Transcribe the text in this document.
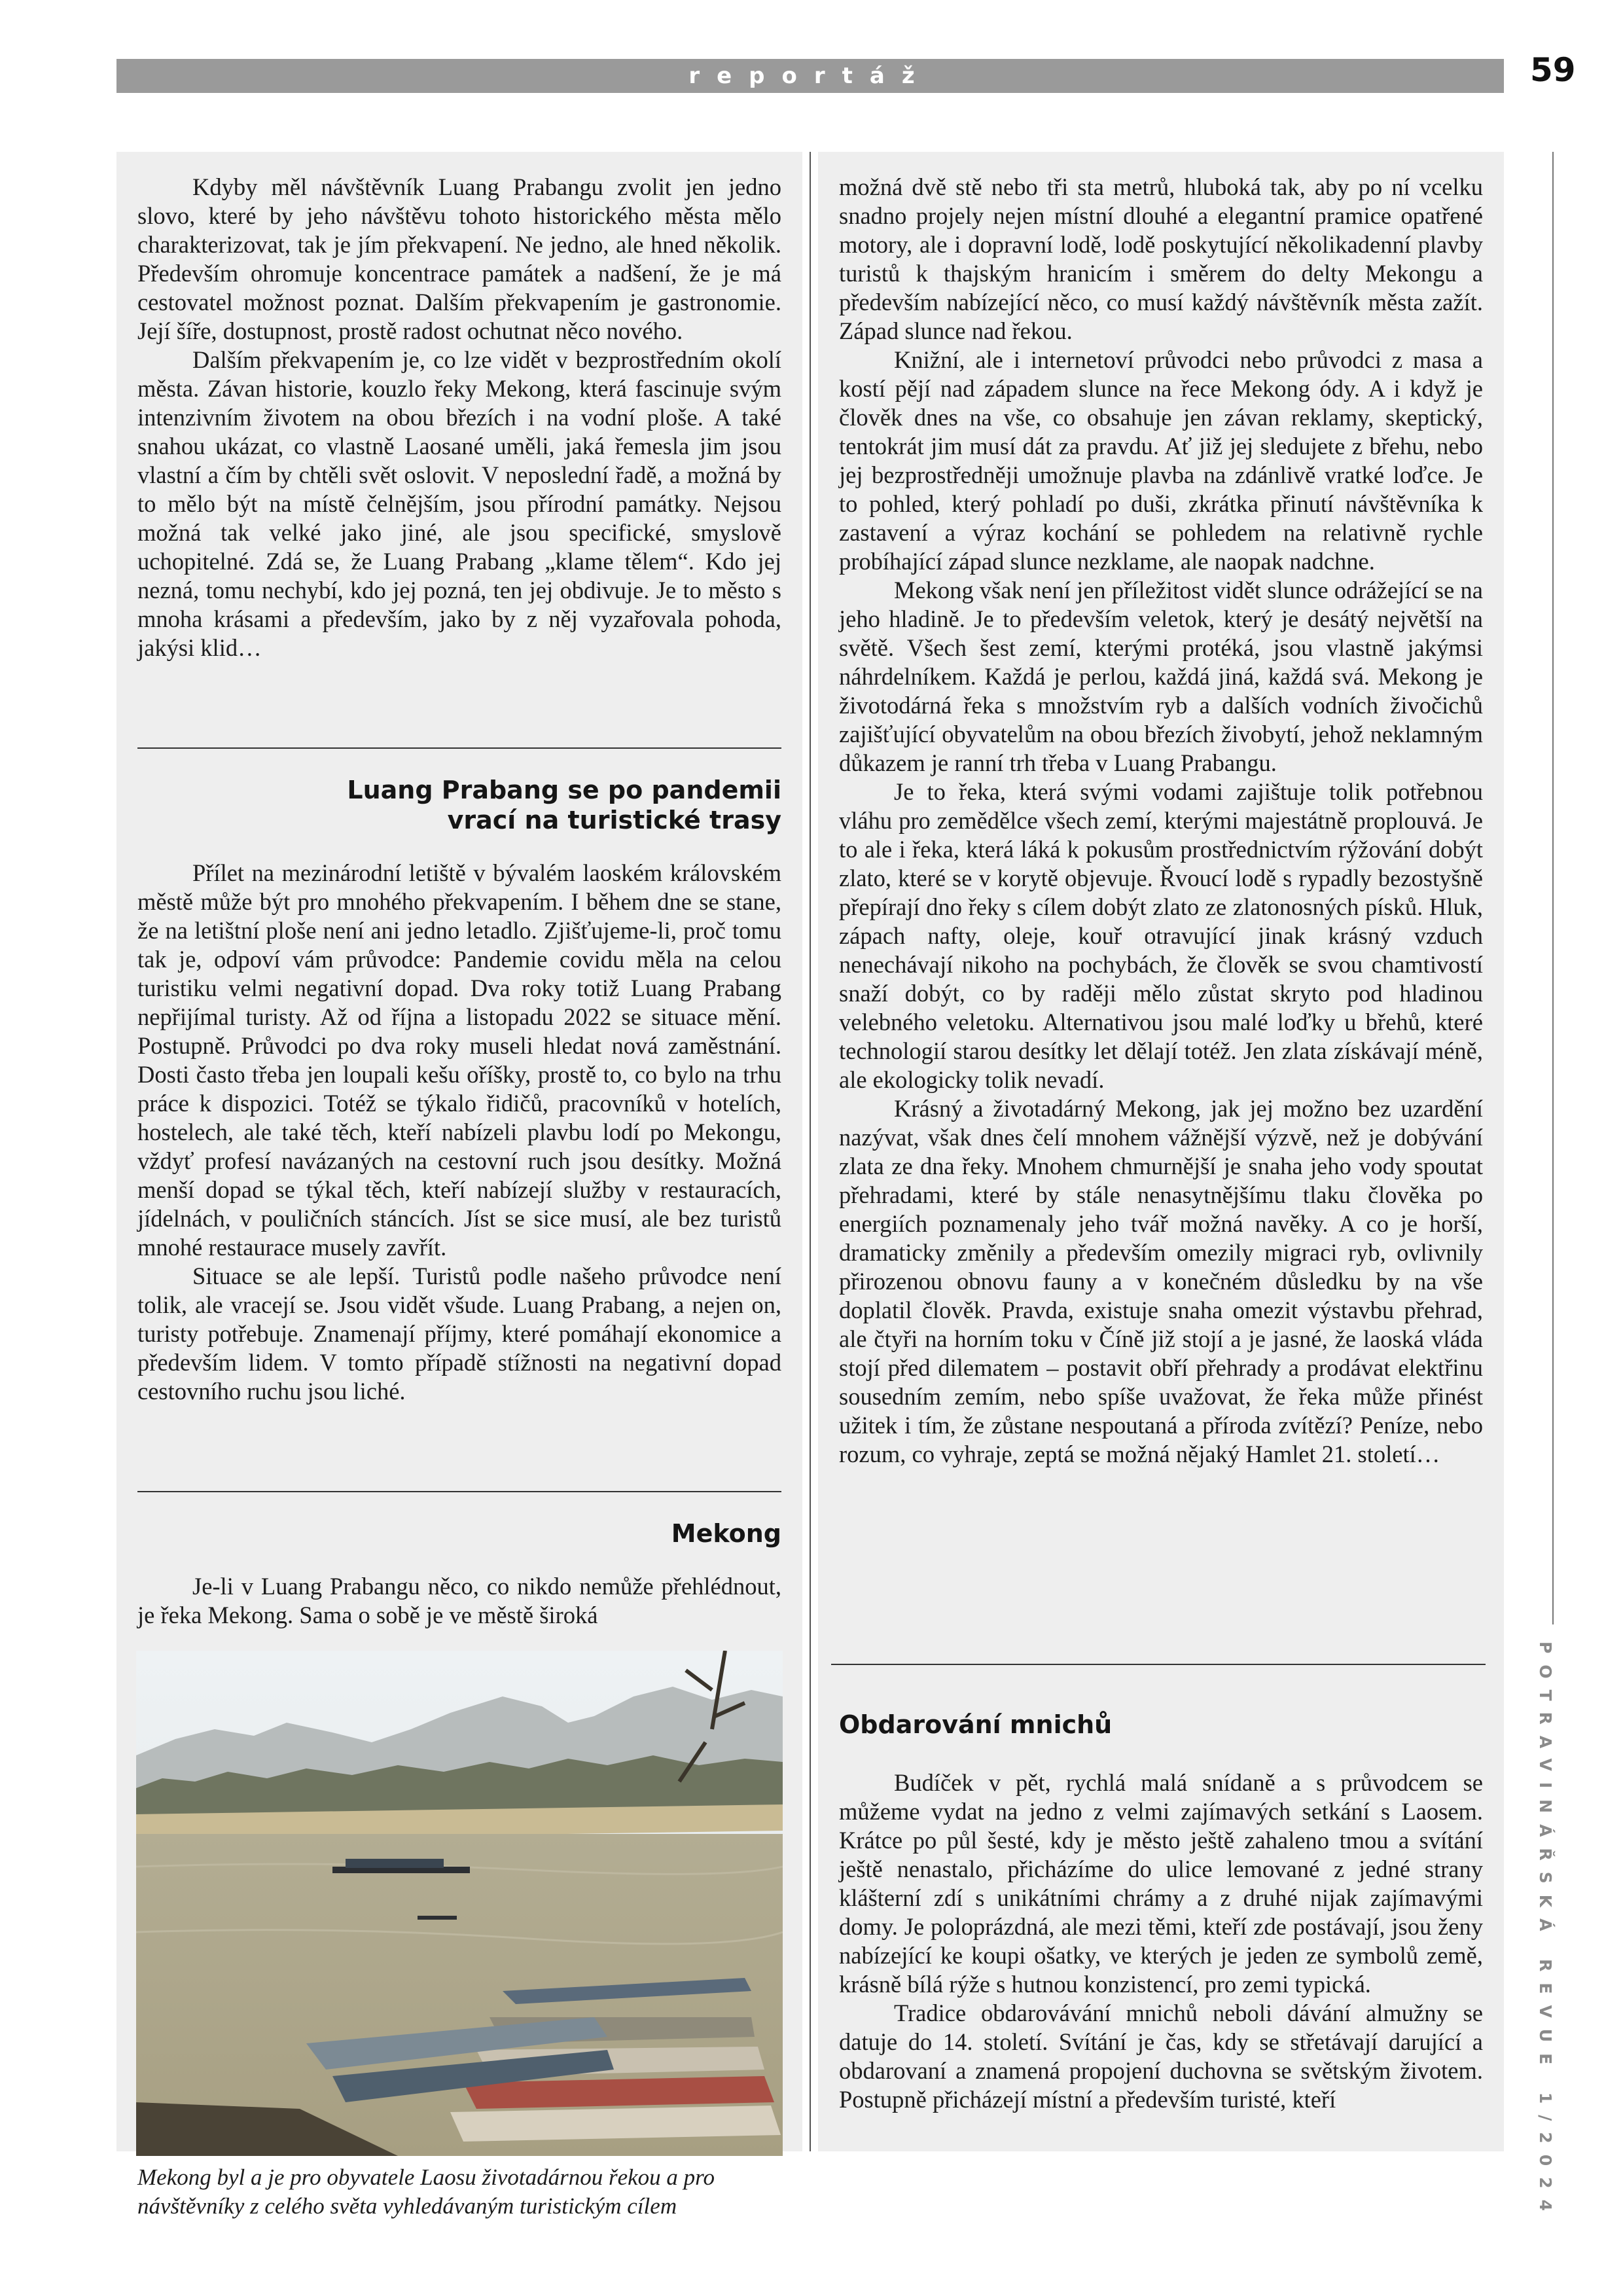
reportáž	59

Kdyby měl návštěvník Luang Prabangu zvolit jen jedno slovo, které by jeho návštěvu tohoto historického města mělo charakterizovat, tak je jím překvapení. Ne jedno, ale hned několik. Především ohromuje koncentrace památek a nadšení, že je má cestovatel možnost poznat. Dalším překvapením je gastronomie. Její šíře, dostupnost, prostě radost ochutnat něco nového.

Dalším překvapením je, co lze vidět v bezprostředním okolí města. Závan historie, kouzlo řeky Mekong, která fascinuje svým intenzivním životem na obou březích i na vodní ploše. A také snahou ukázat, co vlastně Laosané uměli, jaká řemesla jim jsou vlastní a čím by chtěli svět oslovit. V neposlední řadě, a možná by to mělo být na místě čelnějším, jsou přírodní památky. Nejsou možná tak velké jako jiné, ale jsou specifické, smyslově uchopitelné. Zdá se, že Luang Prabang „klame tělem“. Kdo jej nezná, tomu nechybí, kdo jej pozná, ten jej obdivuje. Je to město s mnoha krásami a především, jako by z něj vyzařovala pohoda, jakýsi klid…

Luang Prabang se po pandemii
vrací na turistické trasy

Přílet na mezinárodní letiště v bývalém laoském královském městě může být pro mnohého překvapením. I během dne se stane, že na letištní ploše není ani jedno letadlo. Zjišťujeme-li, proč tomu tak je, odpoví vám průvodce: Pandemie covidu měla na celou turistiku velmi negativní dopad. Dva roky totiž Luang Prabang nepřijímal turisty. Až od října a listopadu 2022 se situace mění. Postupně. Průvodci po dva roky museli hledat nová zaměstnání. Dosti často třeba jen loupali kešu oříšky, prostě to, co bylo na trhu práce k dispozici. Totéž se týkalo řidičů, pracovníků v hotelích, hostelech, ale také těch, kteří nabízeli plavbu lodí po Mekongu, vždyť profesí navázaných na cestovní ruch jsou desítky. Možná menší dopad se týkal těch, kteří nabízejí služby v restauracích, jídelnách, v pouličních stáncích. Jíst se sice musí, ale bez turistů mnohé restaurace musely zavřít.

Situace se ale lepší. Turistů podle našeho průvodce není tolik, ale vracejí se. Jsou vidět všude. Luang Prabang, a nejen on, turisty potřebuje. Znamenají příjmy, které pomáhají ekonomice a především lidem. V tomto případě stížnosti na negativní dopad cestovního ruchu jsou liché.

Mekong

Je-li v Luang Prabangu něco, co nikdo nemůže přehlédnout, je řeka Mekong. Sama o sobě je ve městě široká

Mekong byl a je pro obyvatele Laosu životadárnou řekou a pro návštěvníky z celého světa vyhledávaným turistickým cílem

možná dvě stě nebo tři sta metrů, hluboká tak, aby po ní vcelku snadno projely nejen místní dlouhé a elegantní pramice opatřené motory, ale i dopravní lodě, lodě poskytující několikadenní plavby turistů k thajským hranicím i směrem do delty Mekongu a především nabízející něco, co musí každý návštěvník města zažít. Západ slunce nad řekou.

Knižní, ale i internetoví průvodci nebo průvodci z masa a kostí pějí nad západem slunce na řece Mekong ódy. A i když je člověk dnes na vše, co obsahuje jen závan reklamy, skeptický, tentokrát jim musí dát za pravdu. Ať již jej sledujete z břehu, nebo jej bezprostředněji umožnuje plavba na zdánlivě vratké loďce. Je to pohled, který pohladí po duši, zkrátka přinutí návštěvníka k zastavení a výraz kochání se pohledem na relativně rychle probíhající západ slunce nezklame, ale naopak nadchne.

Mekong však není jen příležitost vidět slunce odrážející se na jeho hladině. Je to především veletok, který je desátý největší na světě. Všech šest zemí, kterými protéká, jsou vlastně jakýmsi náhrdelníkem. Každá je perlou, každá jiná, každá svá. Mekong je životodárná řeka s množstvím ryb a dalších vodních živočichů zajišťující obyvatelům na obou březích živobytí, jehož neklamným důkazem je ranní trh třeba v Luang Prabangu.

Je to řeka, která svými vodami zajištuje tolik potřebnou vláhu pro zemědělce všech zemí, kterými majestátně proplouvá. Je to ale i řeka, která láká k pokusům prostřednictvím rýžování dobýt zlato, které se v korytě objevuje. Řvoucí lodě s rypadly bezostyšně přepírají dno řeky s cílem dobýt zlato ze zlatonosných písků. Hluk, zápach nafty, oleje, kouř otravující jinak krásný vzduch nenechávají nikoho na pochybách, že člověk se svou chamtivostí snaží dobýt, co by raději mělo zůstat skryto pod hladinou velebného veletoku. Alternativou jsou malé loďky u břehů, které technologií starou desítky let dělají totéž. Jen zlata získávají méně, ale ekologicky tolik nevadí.

Krásný a životadárný Mekong, jak jej možno bez uzardění nazývat, však dnes čelí mnohem vážnější výzvě, než je dobývání zlata ze dna řeky. Mnohem chmurnější je snaha jeho vody spoutat přehradami, které by stále nenasytnějšímu tlaku člověka po energiích poznamenaly jeho tvář možná navěky. A co je horší, dramaticky změnily a především omezily migraci ryb, ovlivnily přirozenou obnovu fauny a v konečném důsledku by na vše doplatil člověk. Pravda, existuje snaha omezit výstavbu přehrad, ale čtyři na horním toku v Číně již stojí a je jasné, že laoská vláda stojí před dilematem – postavit obří přehrady a prodávat elektřinu sousedním zemím, nebo spíše uvažovat, že řeka může přinést užitek i tím, že zůstane nespoutaná a příroda zvítězí? Peníze, nebo rozum, co vyhraje, zeptá se možná nějaký Hamlet 21. století…

Obdarování mnichů

Budíček v pět, rychlá malá snídaně a s průvodcem se můžeme vydat na jedno z velmi zajímavých setkání s Laosem. Krátce po půl šesté, kdy je město ještě zahaleno tmou a svítání ještě nenastalo, přicházíme do ulice lemované z jedné strany klášterní zdí s unikátními chrámy a z druhé nijak zajímavými domy. Je poloprázdná, ale mezi těmi, kteří zde postávají, jsou ženy nabízející ke koupi ošatky, ve kterých je jeden ze symbolů země, krásně bílá rýže s hutnou konzistencí, pro zemi typická.

Tradice obdarovávání mnichů neboli dávání almužny se datuje do 14. století. Svítání je čas, kdy se střetávají darující a obdarovaní a znamená propojení duchovna se světským životem. Postupně přicházejí místní a především turisté, kteří	POTRAVINÁŘSKÁ REVUE 1/2024
